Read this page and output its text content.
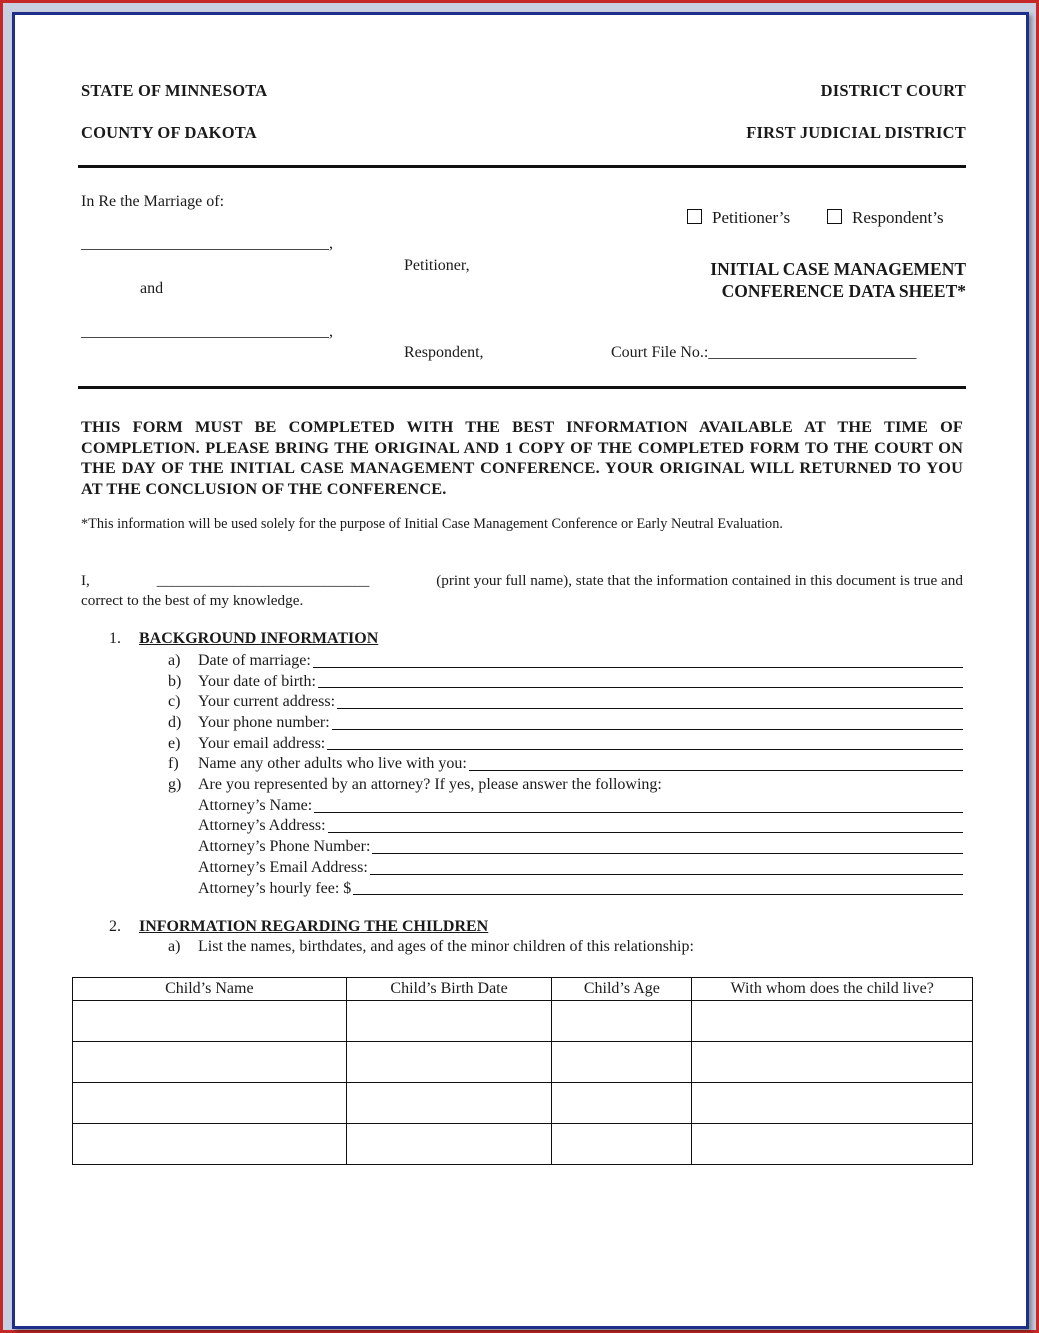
STATE OF MINNESOTA
COUNTY OF DAKOTA
DISTRICT COURT
FIRST JUDICIAL DISTRICT
In Re the Marriage of:
_______________________________,
Petitioner,
and
_______________________________,
Respondent,
Petitioner’s	Respondent’s
INITIAL CASE MANAGEMENT
CONFERENCE DATA SHEET*
Court File No.:__________________________
THIS FORM MUST BE COMPLETED WITH THE BEST INFORMATION AVAILABLE AT THE TIME OF COMPLETION. PLEASE BRING THE ORIGINAL AND 1 COPY OF THE COMPLETED FORM TO THE COURT ON THE DAY OF THE INITIAL CASE MANAGEMENT CONFERENCE. YOUR ORIGINAL WILL RETURNED TO YOU AT THE CONCLUSION OF THE CONFERENCE.
*This information will be used solely for the purpose of Initial Case Management Conference or Early Neutral Evaluation.
I,	____________________________	(print your full name), state that the information contained in this document is true and
correct to the best of my knowledge.
1. BACKGROUND INFORMATION
a)	Date of marriage:
b)	Your date of birth:
c)	Your current address:
d)	Your phone number:
e)	Your email address:
f)	Name any other adults who live with you:
g)	Are you represented by an attorney? If yes, please answer the following:
Attorney’s Name:
Attorney’s Address:
Attorney’s Phone Number:
Attorney’s Email Address:
Attorney’s hourly fee: $
2. INFORMATION REGARDING THE CHILDREN
a) List the names, birthdates, and ages of the minor children of this relationship:
Child’s Name	Child’s Birth Date	Child’s Age	With whom does the child live?
